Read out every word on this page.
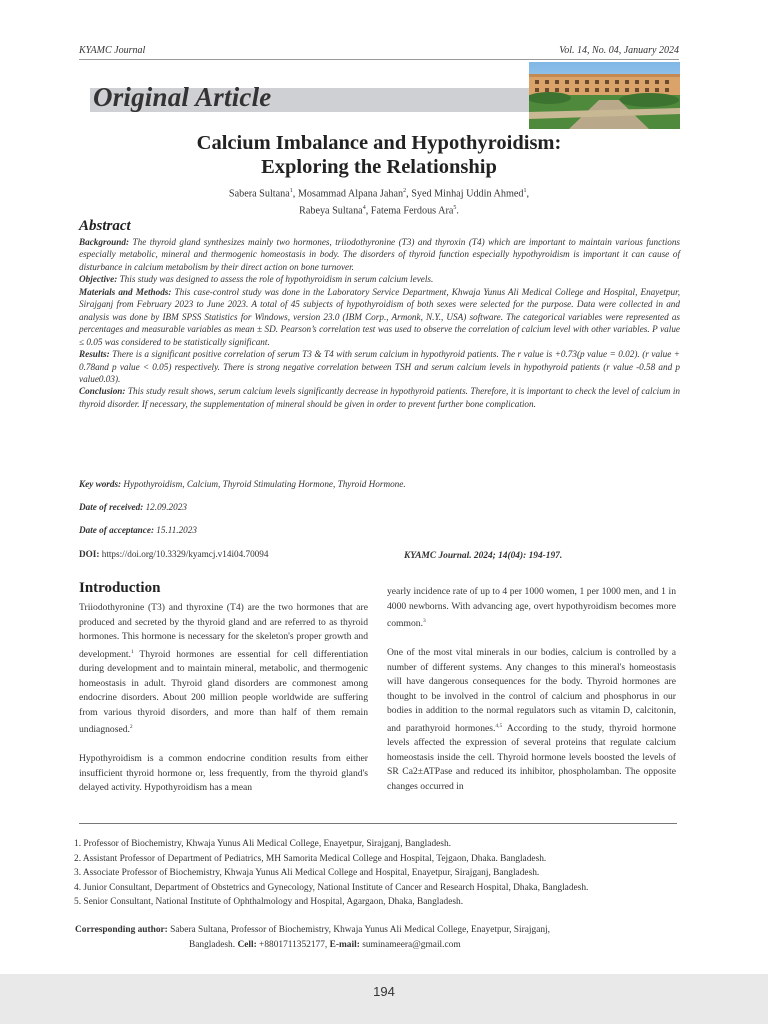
KYAMC Journal	Vol. 14, No. 04, January 2024
Original Article
Calcium Imbalance and Hypothyroidism:
Exploring the Relationship
Sabera Sultana$^1$, Mosammad Alpana Jahan$^2$, Syed Minhaj Uddin Ahmed$^1$,
Rabeya Sultana$^4$, Fatema Ferdous Ara$^5$.
Abstract

Background: The thyroid gland synthesizes mainly two hormones, triiodothyronine (T3) and thyroxin (T4) which are important to maintain various functions especially metabolic, mineral and thermogenic homeostasis in body. The disorders of thyroid function especially hypothyroidism is important it can cause of disturbance in calcium metabolism by their direct action on bone turnover.

Objective: This study was designed to assess the role of hypothyroidism in serum calcium levels.

Materials and Methods: This case-control study was done in the Laboratory Service Department, Khwaja Yunus Ali Medical College and Hospital, Enayetpur, Sirajganj from February 2023 to June 2023. A total of 45 subjects of hypothyroidism of both sexes were selected for the purpose. Data were collected in and analysis was done by IBM SPSS Statistics for Windows, version 23.0 (IBM Corp., Armonk, N.Y., USA) software. The categorical variables were represented as percentages and measurable variables as mean ± SD. Pearson’s correlation test was used to observe the correlation of calcium level with other variables. P value ≤ 0.05 was considered to be statistically significant.

Results: There is a significant positive correlation of serum T3 & T4 with serum calcium in hypothyroid patients. The r value is +0.73(p value = 0.02). (r value + 0.78and p value < 0.05) respectively. There is strong negative correlation between TSH and serum calcium levels in hypothyroid patients (r value -0.58 and p value0.03).

Conclusion: This study result shows, serum calcium levels significantly decrease in hypothyroid patients. Therefore, it is important to check the level of calcium in thyroid disorder. If necessary, the supplementation of mineral should be given in order to prevent further bone complication.

Key words: Hypothyroidism, Calcium, Thyroid Stimulating Hormone, Thyroid Hormone.
Date of received: 12.09.2023
Date of acceptance: 15.11.2023
DOI: https://doi.org/10.3329/kyamcj.v14i04.70094	KYAMC Journal. 2024; 14(04): 194-197.
Introduction

Triiodothyronine (T3) and thyroxine (T4) are the two hormones that are produced and secreted by the thyroid gland and are referred to as thyroid hormones. This hormone is necessary for the skeleton's proper growth and development.$^1$ Thyroid hormones are essential for cell differentiation during development and to maintain mineral, metabolic, and thermogenic homeostasis in adult. Thyroid gland disorders are commonest among endocrine disorders. About 200 million people worldwide are suffering from various thyroid disorders, and more than half of them remain undiagnosed.$^2$

Hypothyroidism is a common endocrine condition results from either insufficient thyroid hormone or, less frequently, from the thyroid gland's delayed activity. Hypothyroidism has a mean

yearly incidence rate of up to 4 per 1000 women, 1 per 1000 men, and 1 in 4000 newborns. With advancing age, overt hypothyroidism becomes more common.$^3$

One of the most vital minerals in our bodies, calcium is controlled by a number of different systems. Any changes to this mineral's homeostasis will have dangerous consequences for the body. Thyroid hormones are thought to be involved in the control of calcium and phosphorus in our bodies in addition to the normal regulators such as vitamin D, calcitonin, and parathyroid hormones.$^{4,5}$ According to the study, thyroid hormone levels affected the expression of several proteins that regulate calcium homeostasis inside the cell. Thyroid hormone levels boosted the levels of SR Ca2±ATPase and reduced its inhibitor, phospholamban. The opposite changes occurred in

1. Professor of Biochemistry, Khwaja Yunus Ali Medical College, Enayetpur, Sirajganj, Bangladesh.
2. Assistant Professor of Department of Pediatrics, MH Samorita Medical College and Hospital, Tejgaon, Dhaka. Bangladesh.
3. Associate Professor of Biochemistry, Khwaja Yunus Ali Medical College and Hospital, Enayetpur, Sirajganj, Bangladesh.
4. Junior Consultant, Department of Obstetrics and Gynecology, National Institute of Cancer and Research Hospital, Dhaka, Bangladesh.
5. Senior Consultant, National Institute of Ophthalmology and Hospital, Agargaon, Dhaka, Bangladesh.
Corresponding author: Sabera Sultana, Professor of Biochemistry, Khwaja Yunus Ali Medical College, Enayetpur, Sirajganj,
Bangladesh. Cell: +8801711352177, E-mail: suminameera@gmail.com
194
